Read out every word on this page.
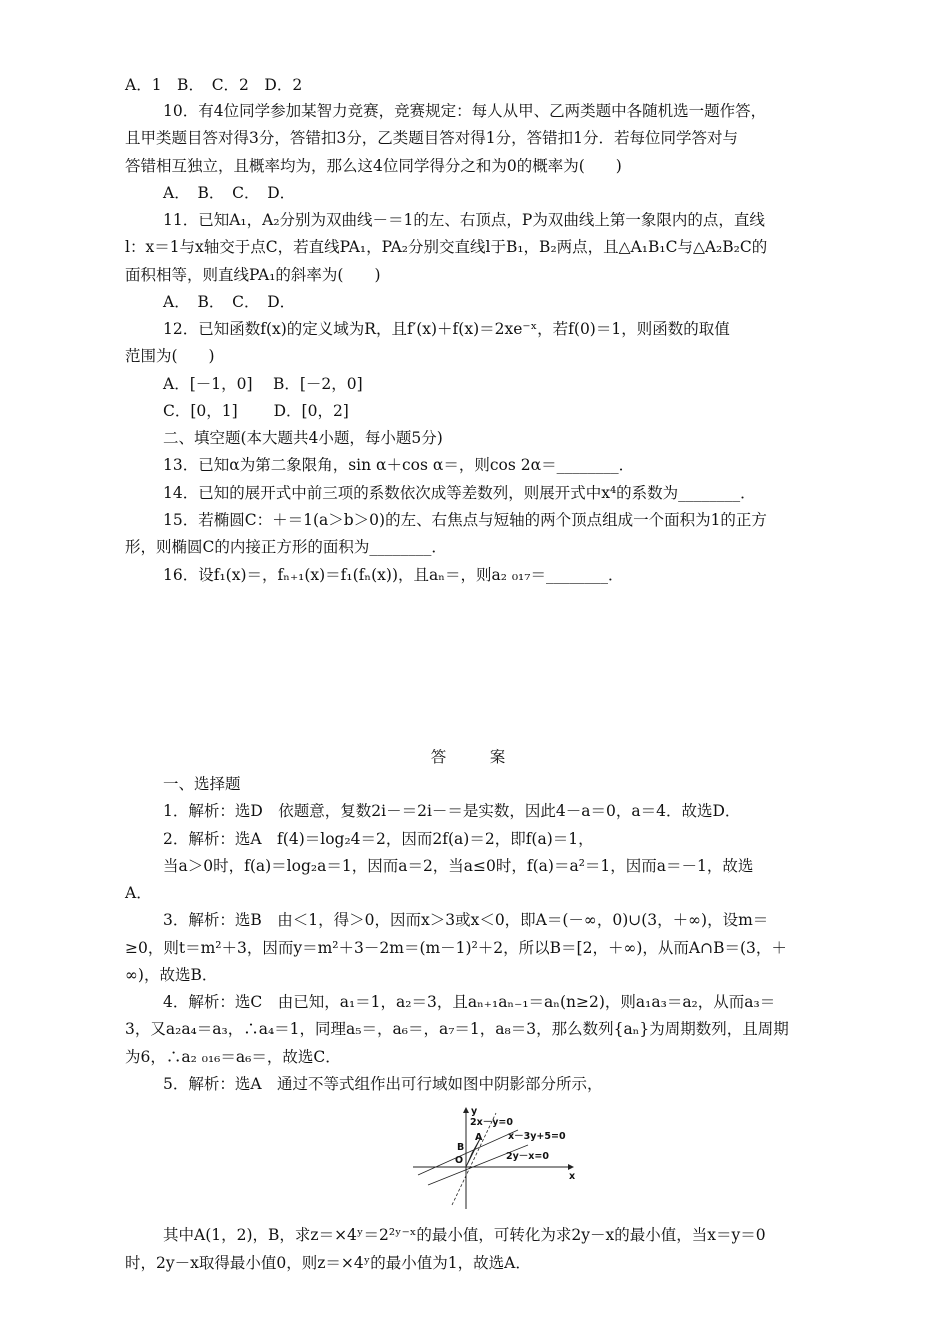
A．1　B．　C．2　D．2
10．有4位同学参加某智力竞赛，竞赛规定：每人从甲、乙两类题中各随机选一题作答，
且甲类题目答对得3分，答错扣3分，乙类题目答对得1分，答错扣1分．若每位同学答对与
答错相互独立，且概率均为，那么这4位同学得分之和为0的概率为(　　)
A．　B．　C．　D．
11．已知A₁，A₂分别为双曲线－＝1的左、右顶点，P为双曲线上第一象限内的点，直线
l：x＝1与x轴交于点C，若直线PA₁，PA₂分别交直线l于B₁，B₂两点，且△A₁B₁C与△A₂B₂C的
面积相等，则直线PA₁的斜率为(　　)
A．　B．　C．　D．
12．已知函数f(x)的定义域为R，且f′(x)＋f(x)＝2xe⁻ˣ，若f(0)＝1，则函数的取值
范围为(　　)
A．[－1，0]　 B．[－2，0]
C．[0，1]　　 D．[0，2]
二、填空题(本大题共4小题，每小题5分)
13．已知α为第二象限角，sin α＋cos α＝，则cos 2α＝________．
14．已知的展开式中前三项的系数依次成等差数列，则展开式中x⁴的系数为________．
15．若椭圆C：＋＝1(a＞b＞0)的左、右焦点与短轴的两个顶点组成一个面积为1的正方
形，则椭圆C的内接正方形的面积为________．
16．设f₁(x)＝，fₙ₊₁(x)＝f₁(fₙ(x))，且aₙ＝，则a₂ ₀₁₇＝________．
答　案
一、选择题
1．解析：选D　依题意，复数2i－＝2i－＝是实数，因此4－a＝0，a＝4．故选D．
2．解析：选A　f(4)＝log₂4＝2，因而2f(a)＝2，即f(a)＝1，
当a＞0时，f(a)＝log₂a＝1，因而a＝2，当a≤0时，f(a)＝a²＝1，因而a＝－1，故选
A．
3．解析：选B　由＜1，得＞0，因而x＞3或x＜0，即A＝(－∞，0)∪(3，＋∞)，设m＝
≥0，则t＝m²＋3，因而y＝m²＋3－2m＝(m－1)²＋2，所以B＝[2，＋∞)，从而A∩B＝(3，＋
∞)，故选B．
4．解析：选C　由已知，a₁＝1，a₂＝3，且aₙ₊₁aₙ₋₁＝aₙ(n≥2)，则a₁a₃＝a₂，从而a₃＝
3，又a₂a₄＝a₃，∴a₄＝1，同理a₅＝，a₆＝，a₇＝1，a₈＝3，那么数列{aₙ}为周期数列，且周期
为6，∴a₂ ₀₁₆＝a₆＝，故选C．
5．解析：选A　通过不等式组作出可行域如图中阴影部分所示，
y
x
2x－y=0
x－3y+5=0
2y－x=0
A
B
O
其中A(1，2)，B，求z＝×4ʸ＝2²ʸ⁻ˣ的最小值，可转化为求2y－x的最小值，当x＝y＝0
时，2y－x取得最小值0，则z＝×4ʸ的最小值为1，故选A．
